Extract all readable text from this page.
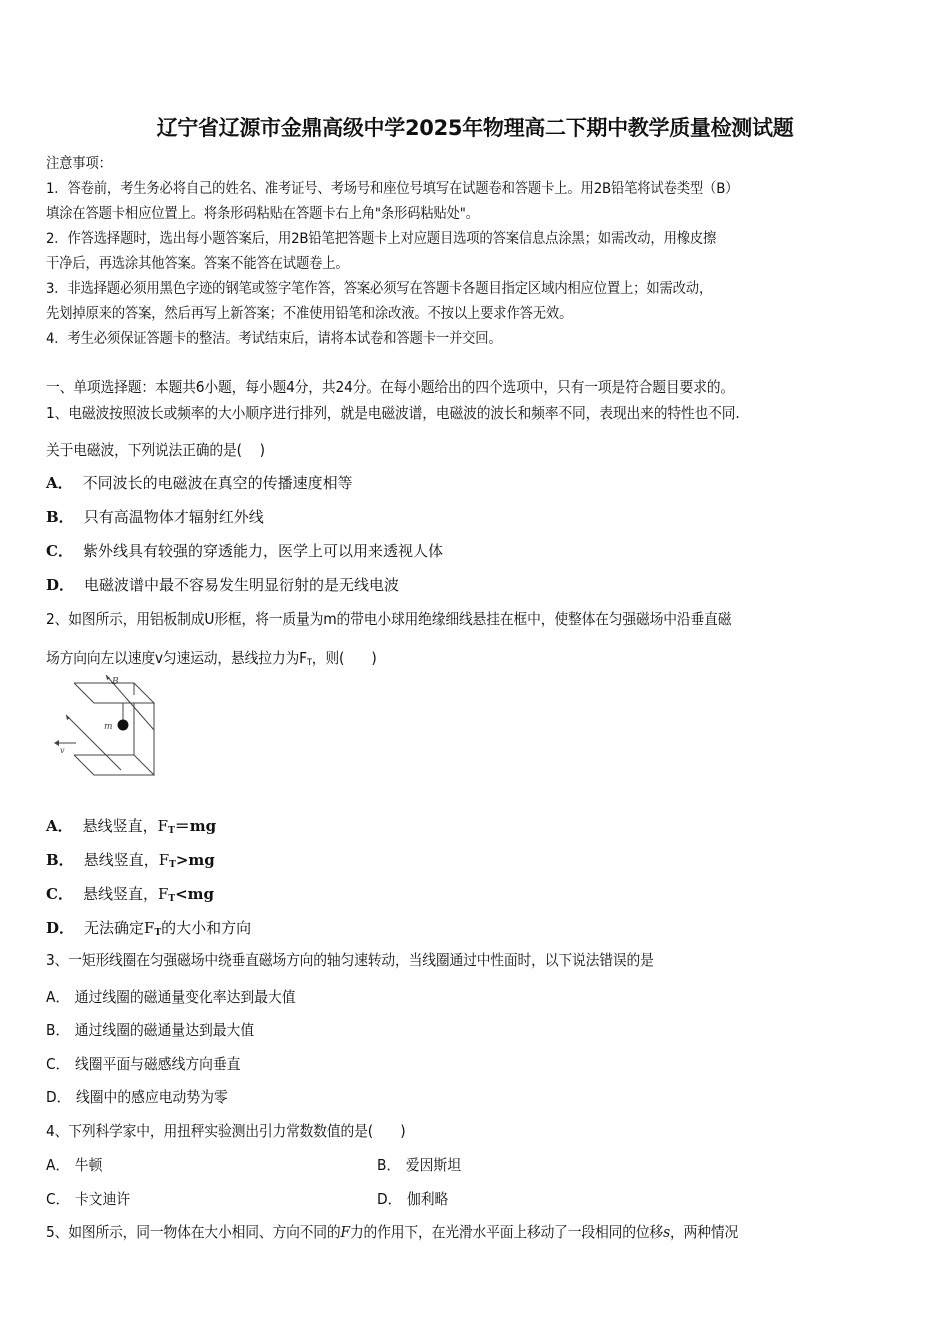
辽宁省辽源市金鼎高级中学2025年物理高二下期中教学质量检测试题
注意事项：
1．答卷前，考生务必将自己的姓名、准考证号、考场号和座位号填写在试题卷和答题卡上。用2B铅笔将试卷类型（B）
填涂在答题卡相应位置上。将条形码粘贴在答题卡右上角"条形码粘贴处"。
2．作答选择题时，选出每小题答案后，用2B铅笔把答题卡上对应题目选项的答案信息点涂黑；如需改动，用橡皮擦
干净后，再选涂其他答案。答案不能答在试题卷上。
3．非选择题必须用黑色字迹的钢笔或签字笔作答，答案必须写在答题卡各题目指定区域内相应位置上；如需改动，
先划掉原来的答案，然后再写上新答案；不准使用铅笔和涂改液。不按以上要求作答无效。
4．考生必须保证答题卡的整洁。考试结束后，请将本试卷和答题卡一并交回。
一、单项选择题：本题共6小题，每小题4分，共24分。在每小题给出的四个选项中，只有一项是符合题目要求的。
1、电磁波按照波长或频率的大小顺序进行排列，就是电磁波谱，电磁波的波长和频率不同，表现出来的特性也不同.
关于电磁波，下列说法正确的是(　 )
A． 不同波长的电磁波在真空的传播速度相等
B． 只有高温物体才辐射红外线
C． 紫外线具有较强的穿透能力，医学上可以用来透视人体
D． 电磁波谱中最不容易发生明显衍射的是无线电波
2、如图所示，用铝板制成U形框，将一质量为m的带电小球用绝缘细线悬挂在框中，使整体在匀强磁场中沿垂直磁
场方向向左以速度v匀速运动，悬线拉力为$F_T$，则(　　)
B
m
v
A． 悬线竖直，$F_T=mg$
B． 悬线竖直，$F_T>mg$
C． 悬线竖直，$F_T<mg$
D． 无法确定$F_T$的大小和方向
3、一矩形线圈在匀强磁场中绕垂直磁场方向的轴匀速转动，当线圈通过中性面时，以下说法错误的是
A． 通过线圈的磁通量变化率达到最大值
B． 通过线圈的磁通量达到最大值
C． 线圈平面与磁感线方向垂直
D． 线圈中的感应电动势为零
4、下列科学家中，用扭秤实验测出引力常数数值的是(　　)
A． 牛顿	B． 爱因斯坦
C． 卡文迪许	D． 伽利略
5、如图所示，同一物体在大小相同、方向不同的F力的作用下，在光滑水平面上移动了一段相同的位移s，两种情况
